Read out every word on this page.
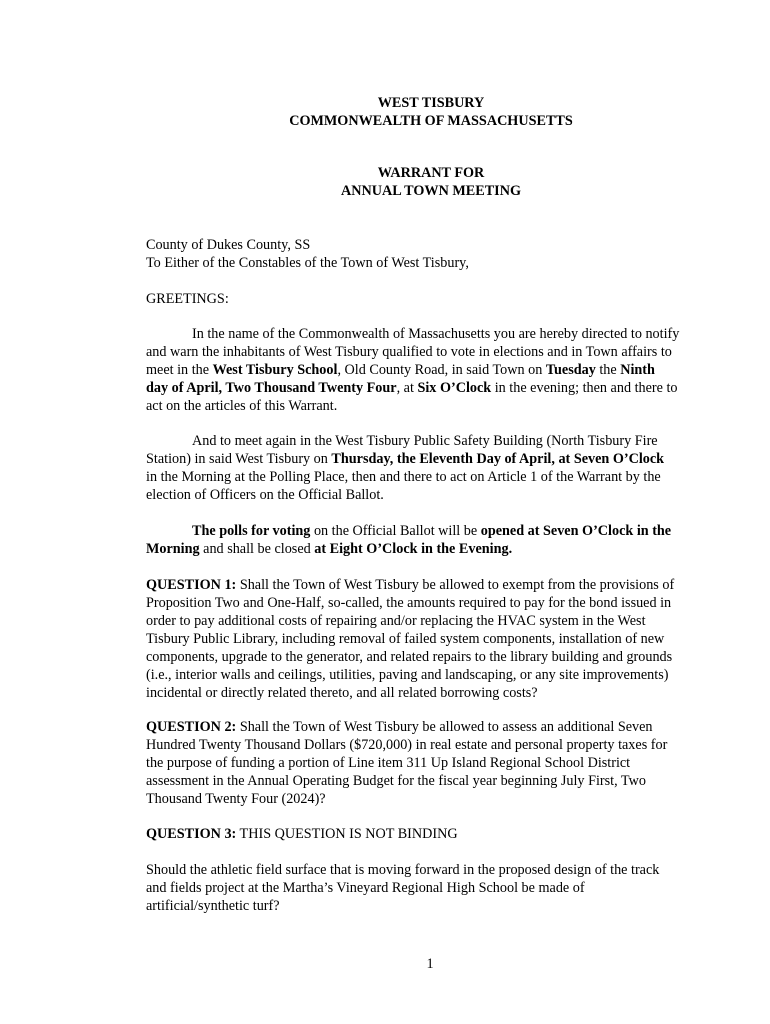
WEST TISBURY
COMMONWEALTH OF MASSACHUSETTS
WARRANT FOR
ANNUAL TOWN MEETING
County of Dukes County, SS
To Either of the Constables of the Town of West Tisbury,
GREETINGS:
In the name of the Commonwealth of Massachusetts you are hereby directed to notify
and warn the inhabitants of West Tisbury qualified to vote in elections and in Town affairs to
meet in the West Tisbury School, Old County Road, in said Town on Tuesday the Ninth
day of April, Two Thousand Twenty Four, at Six O’Clock in the evening; then and there to
act on the articles of this Warrant.
And to meet again in the West Tisbury Public Safety Building (North Tisbury Fire
Station) in said West Tisbury on Thursday, the Eleventh Day of April, at Seven O’Clock
in the Morning at the Polling Place, then and there to act on Article 1 of the Warrant by the
election of Officers on the Official Ballot.
The polls for voting on the Official Ballot will be opened at Seven O’Clock in the
Morning and shall be closed at Eight O’Clock in the Evening.
QUESTION 1: Shall the Town of West Tisbury be allowed to exempt from the provisions of
Proposition Two and One-Half, so-called, the amounts required to pay for the bond issued in
order to pay additional costs of repairing and/or replacing the HVAC system in the West
Tisbury Public Library, including removal of failed system components, installation of new
components, upgrade to the generator, and related repairs to the library building and grounds
(i.e., interior walls and ceilings, utilities, paving and landscaping, or any site improvements)
incidental or directly related thereto, and all related borrowing costs?
QUESTION 2: Shall the Town of West Tisbury be allowed to assess an additional Seven
Hundred Twenty Thousand Dollars ($720,000) in real estate and personal property taxes for
the purpose of funding a portion of Line item 311 Up Island Regional School District
assessment in the Annual Operating Budget for the fiscal year beginning July First, Two
Thousand Twenty Four (2024)?
QUESTION 3: THIS QUESTION IS NOT BINDING
Should the athletic field surface that is moving forward in the proposed design of the track
and fields project at the Martha’s Vineyard Regional High School be made of
artificial/synthetic turf?
1
